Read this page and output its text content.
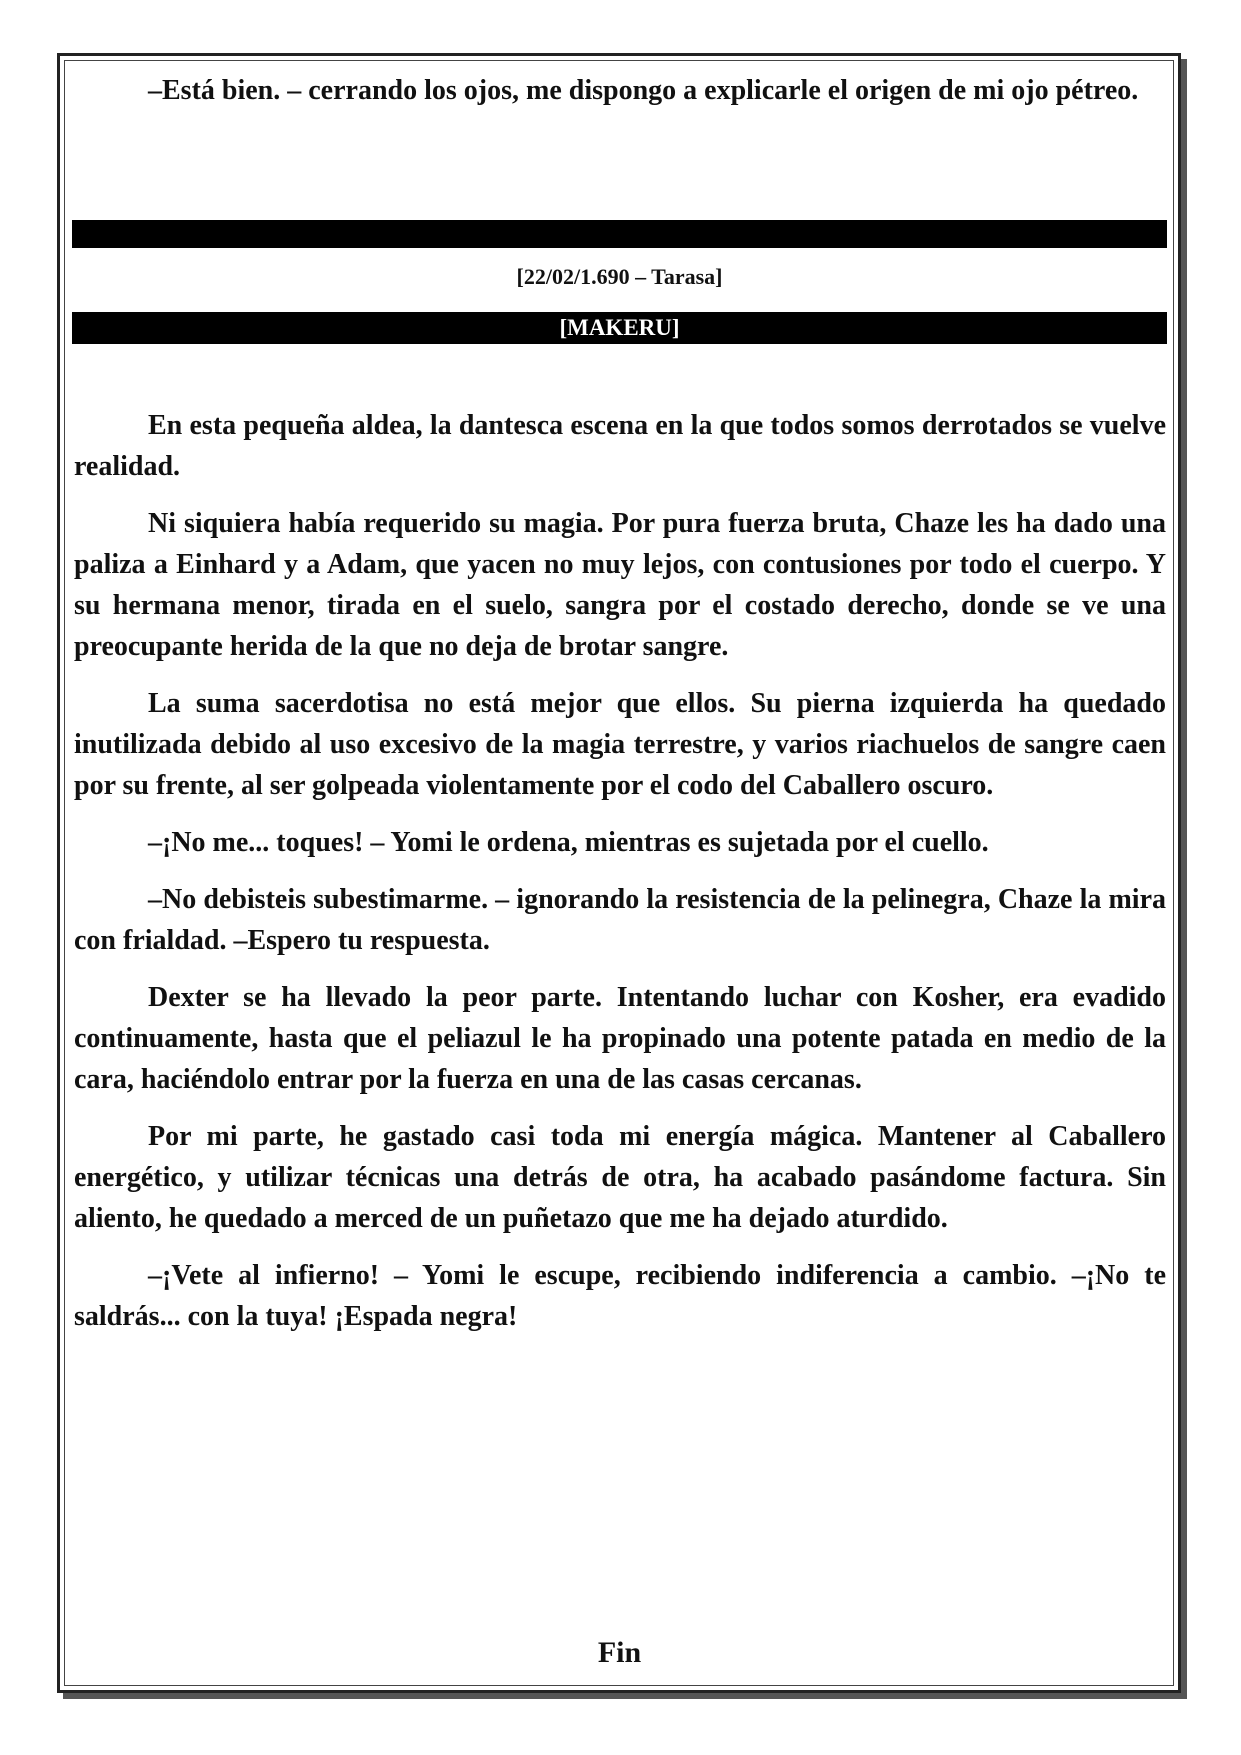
–Está bien. – cerrando los ojos, me dispongo a explicarle el origen de mi ojo pétreo.

[22/02/1.690 – Tarasa]
[MAKERU]

En esta pequeña aldea, la dantesca escena en la que todos somos derrotados se vuelve realidad.

Ni siquiera había requerido su magia. Por pura fuerza bruta, Chaze les ha dado una paliza a Einhard y a Adam, que yacen no muy lejos, con contusiones por todo el cuerpo. Y su hermana menor, tirada en el suelo, sangra por el costado derecho, donde se ve una preocupante herida de la que no deja de brotar sangre.

La suma sacerdotisa no está mejor que ellos. Su pierna izquierda ha quedado inutilizada debido al uso excesivo de la magia terrestre, y varios riachuelos de sangre caen por su frente, al ser golpeada violentamente por el codo del Caballero oscuro.

–¡No me... toques! – Yomi le ordena, mientras es sujetada por el cuello.

–No debisteis subestimarme. – ignorando la resistencia de la pelinegra, Chaze la mira con frialdad. –Espero tu respuesta.

Dexter se ha llevado la peor parte. Intentando luchar con Kosher, era evadido continuamente, hasta que el peliazul le ha propinado una potente patada en medio de la cara, haciéndolo entrar por la fuerza en una de las casas cercanas.

Por mi parte, he gastado casi toda mi energía mágica. Mantener al Caballero energético, y utilizar técnicas una detrás de otra, ha acabado pasándome factura. Sin aliento, he quedado a merced de un puñetazo que me ha dejado aturdido.

–¡Vete al infierno! – Yomi le escupe, recibiendo indiferencia a cambio. –¡No te saldrás... con la tuya! ¡Espada negra!

Fin
